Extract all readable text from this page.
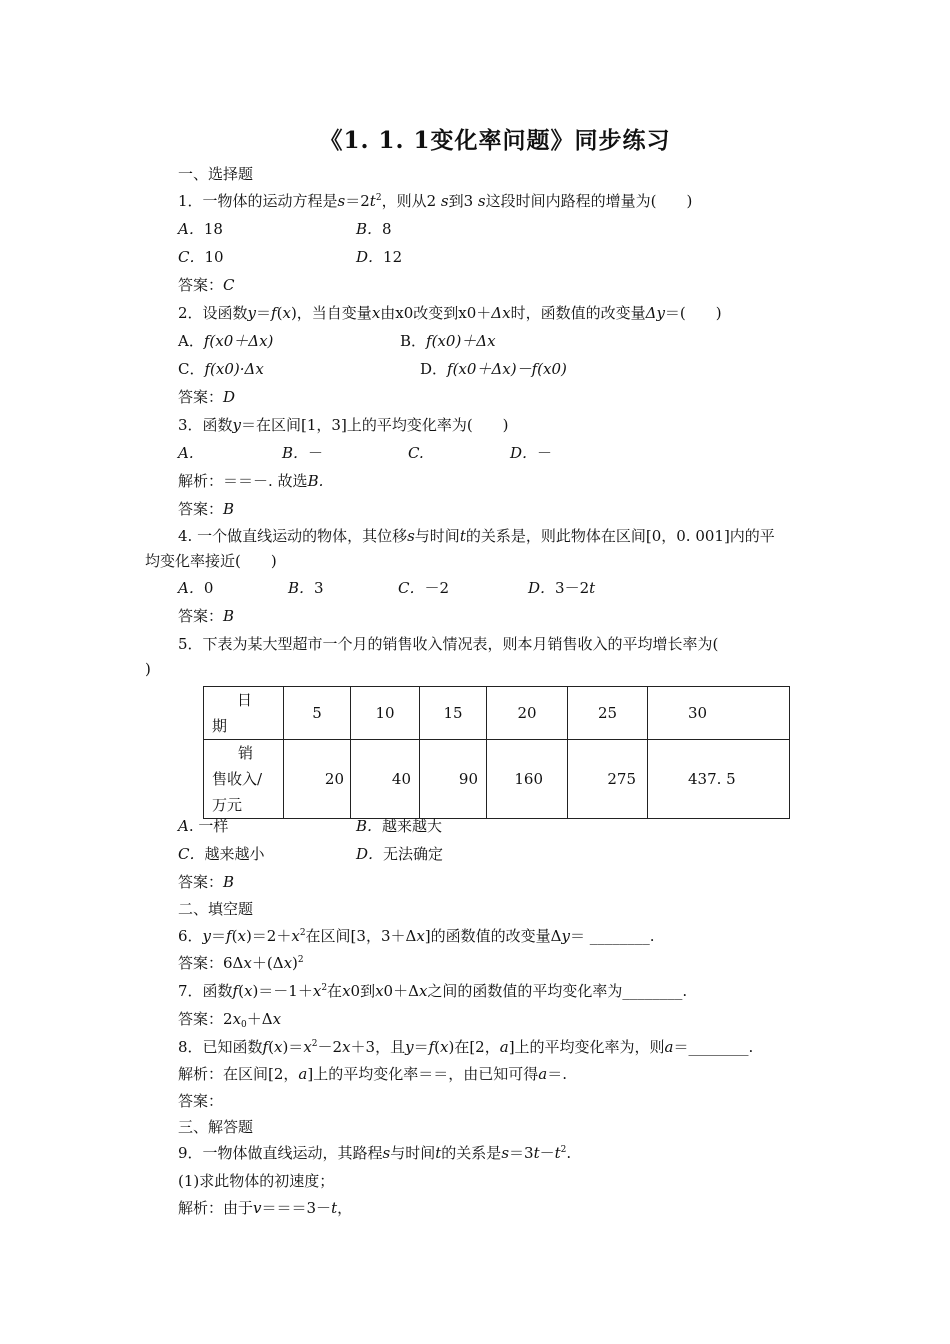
《1. 1. 1变化率问题》同步练习
一、选择题
1．一物体的运动方程是$s=2t^2$，则从2 s到3 s这段时间内路程的增量为(　　)
A．18	B．8
C．10	D．12
答案：C
2．设函数y＝f(x)，当自变量x由x0改变到x0＋Δx时，函数值的改变量Δy＝(　　)
A．f(x0＋Δx)	B．f(x0)＋Δx
C．f(x0)·Δx	D．f(x0＋Δx)－f(x0)
答案：D
3．函数y＝在区间[1，3]上的平均变化率为(　　)
A.	B．－	C.	D．－
解析：＝＝－. 故选B.
答案：B
4. 一个做直线运动的物体，其位移s与时间t的关系是，则此物体在区间[0，0. 001]内的平
均变化率接近(　　)
A．0	B．3	C．－2	D．3－2t
答案：B
5．下表为某大型超市一个月的销售收入情况表，则本月销售收入的平均增长率为(
)
日
期	5	10	15	20	25	30

销
售收入/
万元	20	40	90	160	275	437. 5
A. 一样	B．越来越大
C．越来越小	D．无法确定
答案：B
二、填空题
6．$y=f(x)=2+x^2$在区间[3，3＋Δx]的函数值的改变量Δy＝ ________.
答案：$6\Delta x+(\Delta x)^2$
7．函数$f(x)=-1+x^2$在x0到x0＋Δx之间的函数值的平均变化率为________.
答案：$2x_0+\Delta x$
8．已知函数$f(x)=x^2-2x+3$，且y＝f(x)在[2，a]上的平均变化率为，则a＝________.
解析：在区间[2，a]上的平均变化率＝＝，由已知可得a＝.
答案：
三、解答题
9．一物体做直线运动，其路程s与时间t的关系是$s=3t-t^2$.
(1)求此物体的初速度；
解析：由于v＝＝＝3－t，
